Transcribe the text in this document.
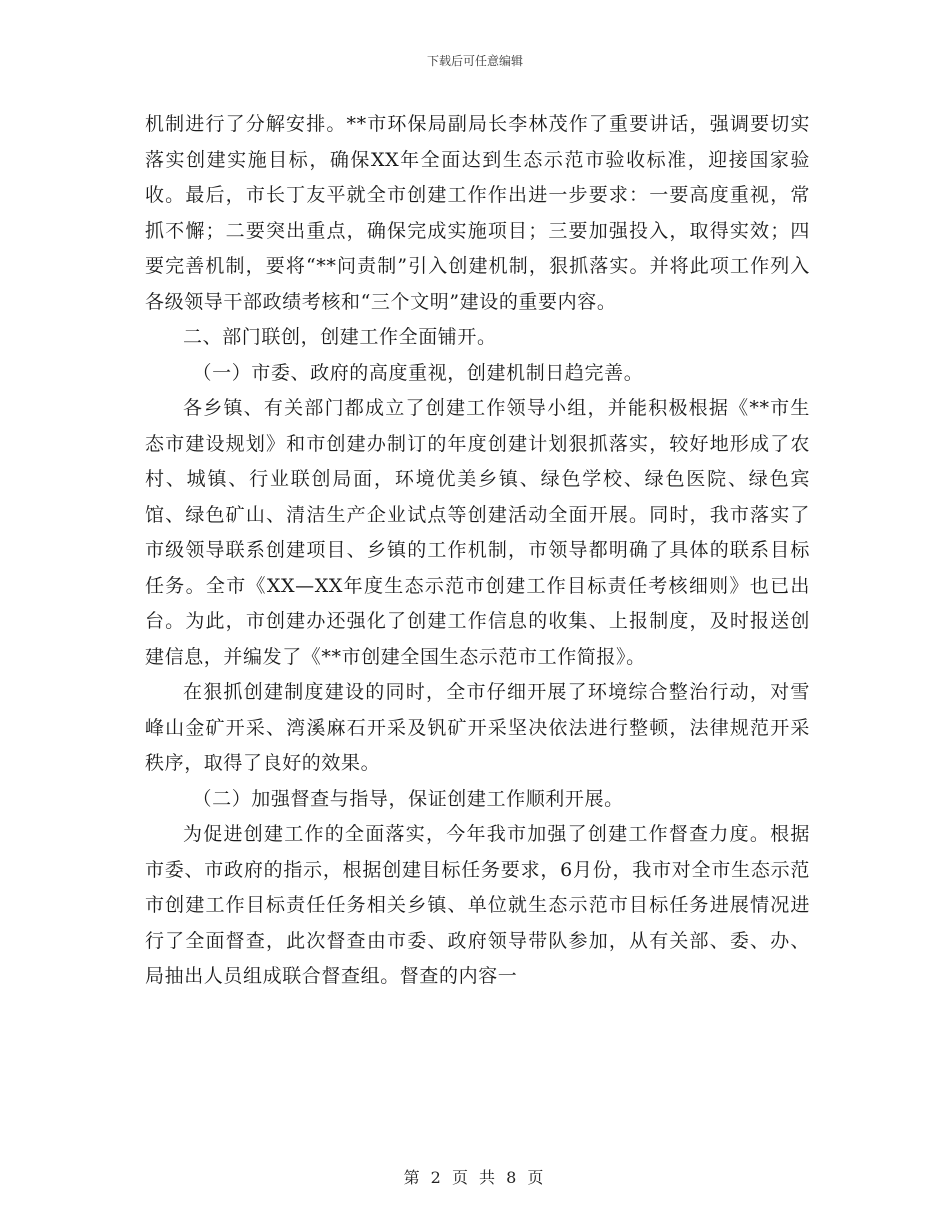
下载后可任意编辑

机制进行了分解安排。**市环保局副局长李林茂作了重要讲话，强调要切实落实创建实施目标，确保XX年全面达到生态示范市验收标准，迎接国家验收。最后，市长丁友平就全市创建工作作出进一步要求：一要高度重视，常抓不懈；二要突出重点，确保完成实施项目；三要加强投入，取得实效；四要完善机制，要将“**问责制”引入创建机制，狠抓落实。并将此项工作列入各级领导干部政绩考核和“三个文明”建设的重要内容。

二、部门联创，创建工作全面铺开。

（一）市委、政府的高度重视，创建机制日趋完善。

各乡镇、有关部门都成立了创建工作领导小组，并能积极根据《**市生态市建设规划》和市创建办制订的年度创建计划狠抓落实，较好地形成了农村、城镇、行业联创局面，环境优美乡镇、绿色学校、绿色医院、绿色宾馆、绿色矿山、清洁生产企业试点等创建活动全面开展。同时，我市落实了市级领导联系创建项目、乡镇的工作机制，市领导都明确了具体的联系目标任务。全市《XX—XX年度生态示范市创建工作目标责任考核细则》也已出台。为此，市创建办还强化了创建工作信息的收集、上报制度，及时报送创建信息，并编发了《**市创建全国生态示范市工作简报》。

在狠抓创建制度建设的同时，全市仔细开展了环境综合整治行动，对雪峰山金矿开采、湾溪麻石开采及钒矿开采坚决依法进行整顿，法律规范开采秩序，取得了良好的效果。

（二）加强督查与指导，保证创建工作顺利开展。

为促进创建工作的全面落实，今年我市加强了创建工作督查力度。根据市委、市政府的指示，根据创建目标任务要求，6月份，我市对全市生态示范市创建工作目标责任任务相关乡镇、单位就生态示范市目标任务进展情况进行了全面督查，此次督查由市委、政府领导带队参加，从有关部、委、办、局抽出人员组成联合督查组。督查的内容一

第 2 页 共 8 页
